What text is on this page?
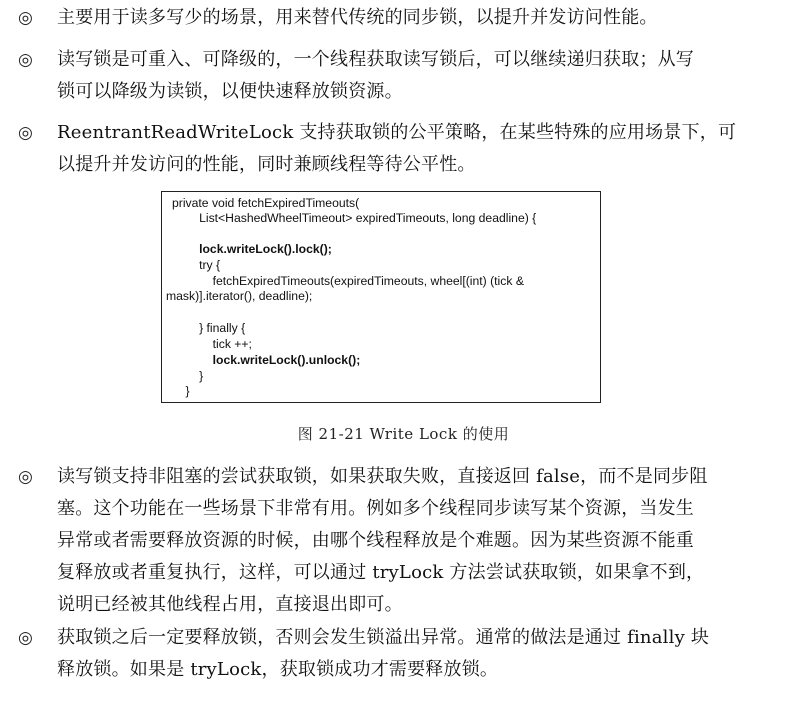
◎ 主要用于读多写少的场景，用来替代传统的同步锁，以提升并发访问性能。
◎ 读写锁是可重入、可降级的，一个线程获取读写锁后，可以继续递归获取；从写
锁可以降级为读锁，以便快速释放锁资源。
◎ ReentrantReadWriteLock 支持获取锁的公平策略，在某些特殊的应用场景下，可
以提升并发访问的性能，同时兼顾线程等待公平性。
private void fetchExpiredTimeouts(
List<HashedWheelTimeout> expiredTimeouts, long deadline) {
lock.writeLock().lock();
try {
fetchExpiredTimeouts(expiredTimeouts, wheel[(int) (tick &
mask)].iterator(), deadline);
} finally {
tick ++;
lock.writeLock().unlock();
}
}
图 21-21 Write Lock 的使用
◎ 读写锁支持非阻塞的尝试获取锁，如果获取失败，直接返回 false，而不是同步阻
塞。这个功能在一些场景下非常有用。例如多个线程同步读写某个资源，当发生
异常或者需要释放资源的时候，由哪个线程释放是个难题。因为某些资源不能重
复释放或者重复执行，这样，可以通过 tryLock 方法尝试获取锁，如果拿不到，
说明已经被其他线程占用，直接退出即可。
◎ 获取锁之后一定要释放锁，否则会发生锁溢出异常。通常的做法是通过 finally 块
释放锁。如果是 tryLock，获取锁成功才需要释放锁。
